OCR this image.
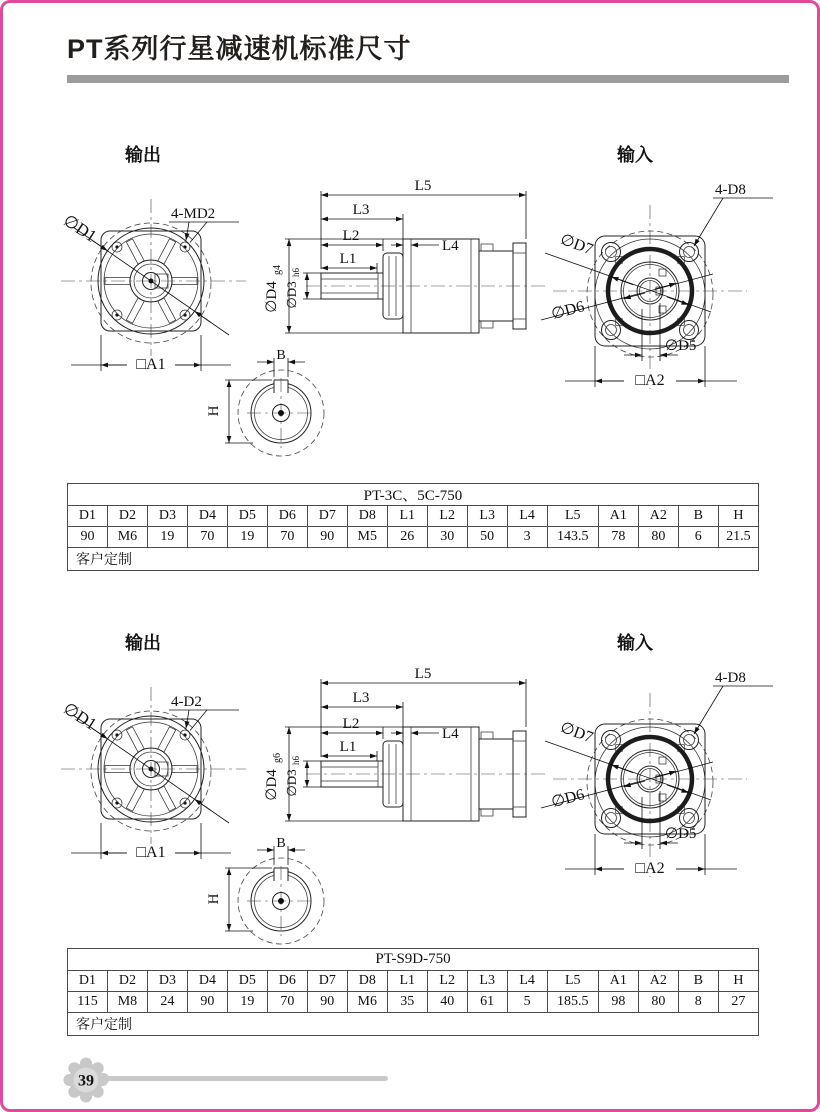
PT系列行星减速机标准尺寸
输出	输入
∅D1	4-MD2
□A1
L5
L3
L2
L4
L1
∅D4
g4
∅D3
h6
B
H
∅D7
∅D6
4-D8
∅D5
□A2
输出	输入
∅D1	4-D2
□A1
L5
L3
L2
L4
L1
∅D4
g6
∅D3
h6
B
H
∅D7
∅D6
4-D8
∅D5
□A2
PT-3C、5C-750																
D1	D2	D3	D4	D5	D6	D7	D8	L1	L2	L3	L4	L5	A1	A2	B	H
90	M6	19	70	19	70	90	M5	26	30	50	3	143.5	78	80	6	21.5
客户定制																
PT-S9D-750																
D1	D2	D3	D4	D5	D6	D7	D8	L1	L2	L3	L4	L5	A1	A2	B	H
115	M8	24	90	19	70	90	M6	35	40	61	5	185.5	98	80	8	27
客户定制																
39
